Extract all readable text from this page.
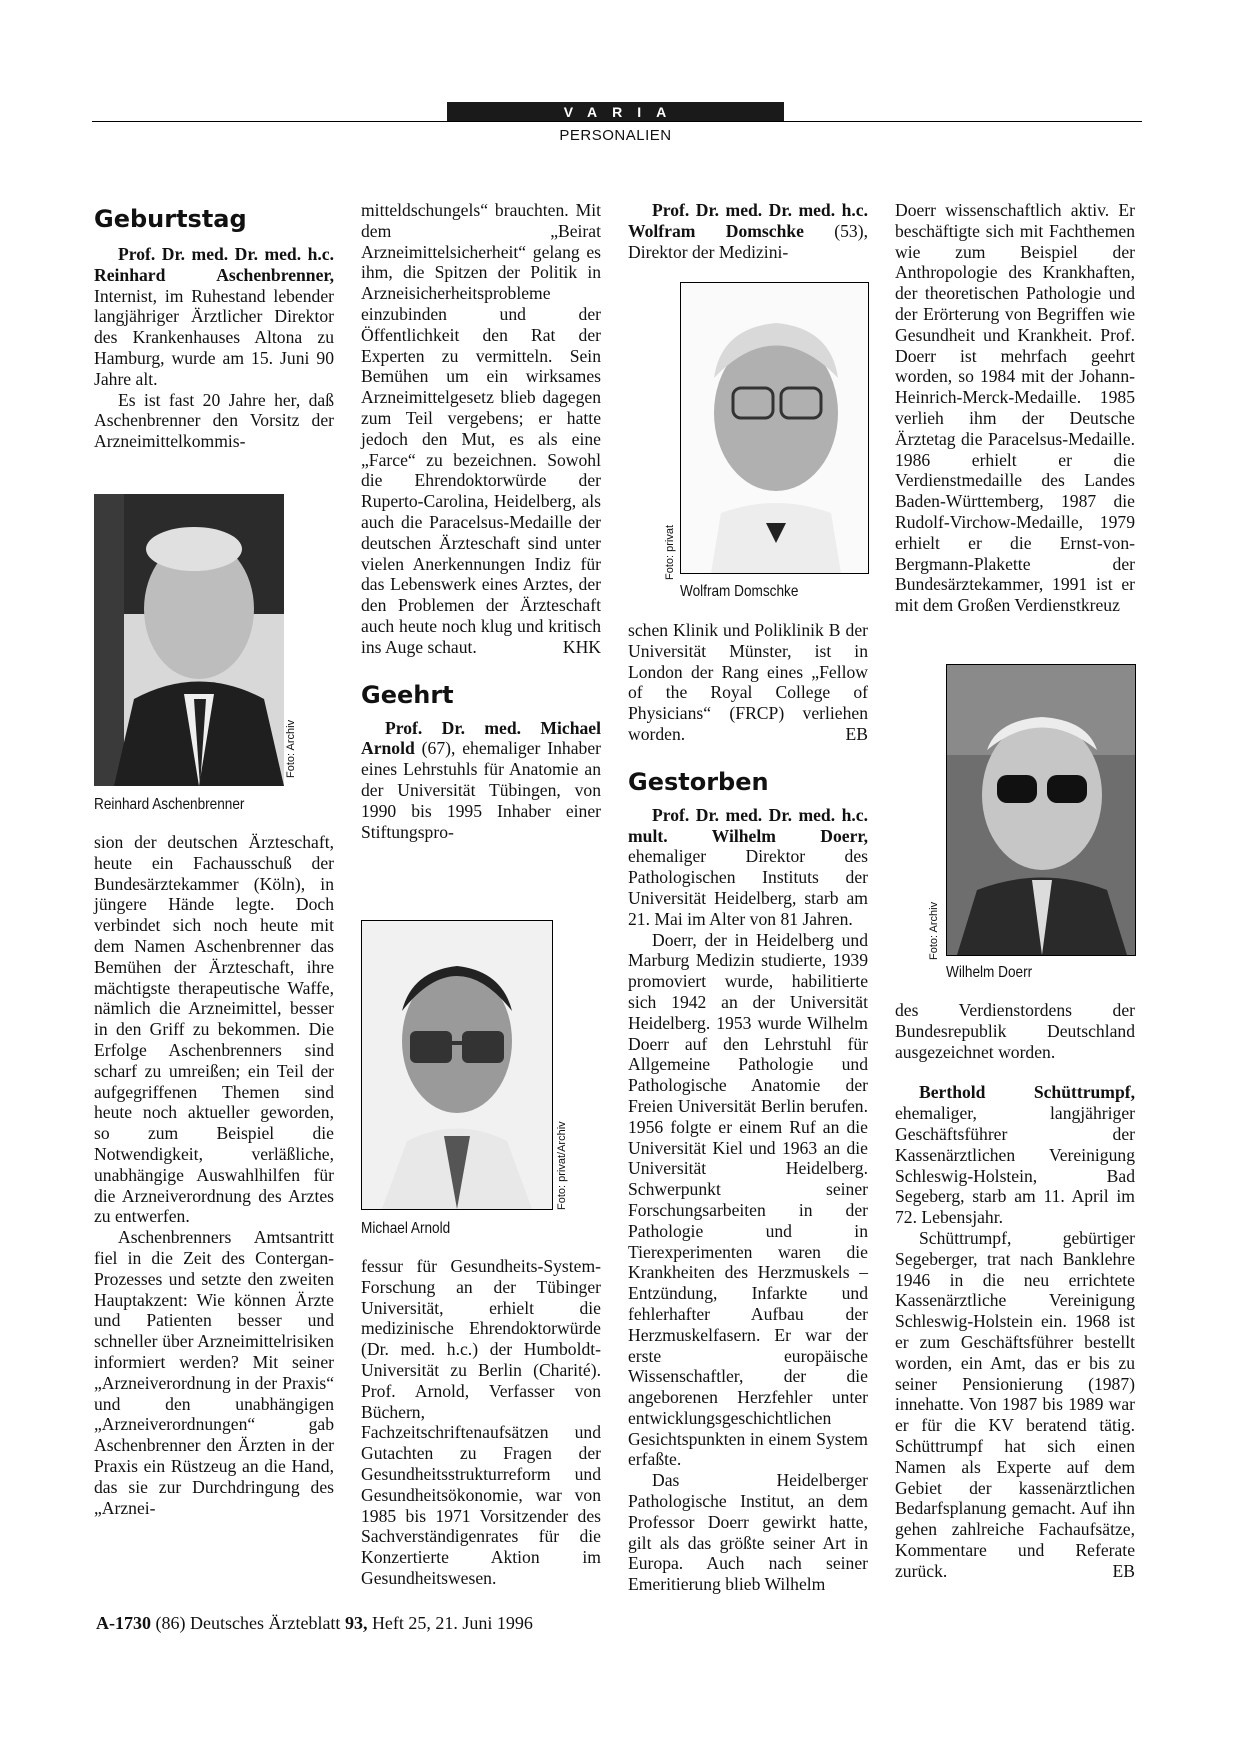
VARIA
PERSONALIEN
Geburtstag

Prof. Dr. med. Dr. med. h.c. Reinhard Aschenbrenner, Internist, im Ruhestand lebender langjähriger Ärztlicher Direktor des Krankenhauses Altona zu Hamburg, wurde am 15. Juni 90 Jahre alt.

Es ist fast 20 Jahre her, daß Aschenbrenner den Vorsitz der Arzneimittelkommis-

Foto: Archiv
Reinhard Aschenbrenner

sion der deutschen Ärzteschaft, heute ein Fachausschuß der Bundesärztekammer (Köln), in jüngere Hände legte. Doch verbindet sich noch heute mit dem Namen Aschenbrenner das Bemühen der Ärzteschaft, ihre mächtigste therapeutische Waffe, nämlich die Arzneimittel, besser in den Griff zu bekommen. Die Erfolge Aschenbrenners sind scharf zu umreißen; ein Teil der aufgegriffenen Themen sind heute noch aktueller geworden, so zum Beispiel die Notwendigkeit, verläßliche, unabhängige Auswahlhilfen für die Arzneiverordnung des Arztes zu entwerfen.

Aschenbrenners Amtsantritt fiel in die Zeit des Contergan-Prozesses und setzte den zweiten Hauptakzent: Wie können Ärzte und Patienten besser und schneller über Arzneimittelrisiken informiert werden? Mit seiner „Arzneiverordnung in der Praxis“ und den unabhängigen „Arzneiverordnungen“ gab Aschenbrenner den Ärzten in der Praxis ein Rüstzeug an die Hand, das sie zur Durchdringung des „Arznei-

mitteldschungels“ brauchten. Mit dem „Beirat Arzneimittelsicherheit“ gelang es ihm, die Spitzen der Politik in Arzneisicherheitsprobleme einzubinden und der Öffentlichkeit den Rat der Experten zu vermitteln. Sein Bemühen um ein wirksames Arzneimittelgesetz blieb dagegen zum Teil vergebens; er hatte jedoch den Mut, es als eine „Farce“ zu bezeichnen. Sowohl die Ehrendoktorwürde der Ruperto-Carolina, Heidelberg, als auch die Paracelsus-Medaille der deutschen Ärzteschaft sind unter vielen Anerkennungen Indiz für das Lebenswerk eines Arztes, der den Problemen der Ärzteschaft auch heute noch klug und kritisch ins Auge schaut.	KHK

Geehrt

Prof. Dr. med. Michael Arnold (67), ehemaliger Inhaber eines Lehrstuhls für Anatomie an der Universität Tübingen, von 1990 bis 1995 Inhaber einer Stiftungspro-

Foto: privat/Archiv
Michael Arnold

fessur für Gesundheits-System-Forschung an der Tübinger Universität, erhielt die medizinische Ehrendoktorwürde (Dr. med. h.c.) der Humboldt-Universität zu Berlin (Charité). Prof. Arnold, Verfasser von Büchern, Fachzeitschriftenaufsätzen und Gutachten zu Fragen der Gesundheitsstrukturreform und Gesundheitsökonomie, war von 1985 bis 1971 Vorsitzender des Sachverständigenrates für die Konzertierte Aktion im Gesundheitswesen.

Prof. Dr. med. Dr. med. h.c. Wolfram Domschke (53), Direktor der Medizini-

Foto: privat
Wolfram Domschke

schen Klinik und Poliklinik B der Universität Münster, ist in London der Rang eines „Fellow of the Royal College of Physicians“ (FRCP) verliehen worden.	EB

Gestorben

Prof. Dr. med. Dr. med. h.c. mult. Wilhelm Doerr, ehemaliger Direktor des Pathologischen Instituts der Universität Heidelberg, starb am 21. Mai im Alter von 81 Jahren.

Doerr, der in Heidelberg und Marburg Medizin studierte, 1939 promoviert wurde, habilitierte sich 1942 an der Universität Heidelberg. 1953 wurde Wilhelm Doerr auf den Lehrstuhl für Allgemeine Pathologie und Pathologische Anatomie der Freien Universität Berlin berufen. 1956 folgte er einem Ruf an die Universität Kiel und 1963 an die Universität Heidelberg. Schwerpunkt seiner Forschungsarbeiten in der Pathologie und in Tierexperimenten waren die Krankheiten des Herzmuskels – Entzündung, Infarkte und fehlerhafter Aufbau der Herzmuskelfasern. Er war der erste europäische Wissenschaftler, der die angeborenen Herzfehler unter entwicklungsgeschichtlichen Gesichtspunkten in einem System erfaßte.

Das Heidelberger Pathologische Institut, an dem Professor Doerr gewirkt hatte, gilt als das größte seiner Art in Europa. Auch nach seiner Emeritierung blieb Wilhelm

Doerr wissenschaftlich aktiv. Er beschäftigte sich mit Fachthemen wie zum Beispiel der Anthropologie des Krankhaften, der theoretischen Pathologie und der Erörterung von Begriffen wie Gesundheit und Krankheit. Prof. Doerr ist mehrfach geehrt worden, so 1984 mit der Johann-Heinrich-Merck-Medaille. 1985 verlieh ihm der Deutsche Ärztetag die Paracelsus-Medaille. 1986 erhielt er die Verdienstmedaille des Landes Baden-Württemberg, 1987 die Rudolf-Virchow-Medaille, 1979 erhielt er die Ernst-von-Bergmann-Plakette der Bundesärztekammer, 1991 ist er mit dem Großen Verdienstkreuz

Foto: Archiv
Wilhelm Doerr

des Verdienstordens der Bundesrepublik Deutschland ausgezeichnet worden.

Berthold Schüttrumpf, ehemaliger, langjähriger Geschäftsführer der Kassenärztlichen Vereinigung Schleswig-Holstein, Bad Segeberg, starb am 11. April im 72. Lebensjahr.

Schüttrumpf, gebürtiger Segeberger, trat nach Banklehre 1946 in die neu errichtete Kassenärztliche Vereinigung Schleswig-Holstein ein. 1968 ist er zum Geschäftsführer bestellt worden, ein Amt, das er bis zu seiner Pensionierung (1987) innehatte. Von 1987 bis 1989 war er für die KV beratend tätig. Schüttrumpf hat sich einen Namen als Experte auf dem Gebiet der kassenärztlichen Bedarfsplanung gemacht. Auf ihn gehen zahlreiche Fachaufsätze, Kommentare und Referate zurück.	EB

A-1730 (86) Deutsches Ärzteblatt 93, Heft 25, 21. Juni 1996
